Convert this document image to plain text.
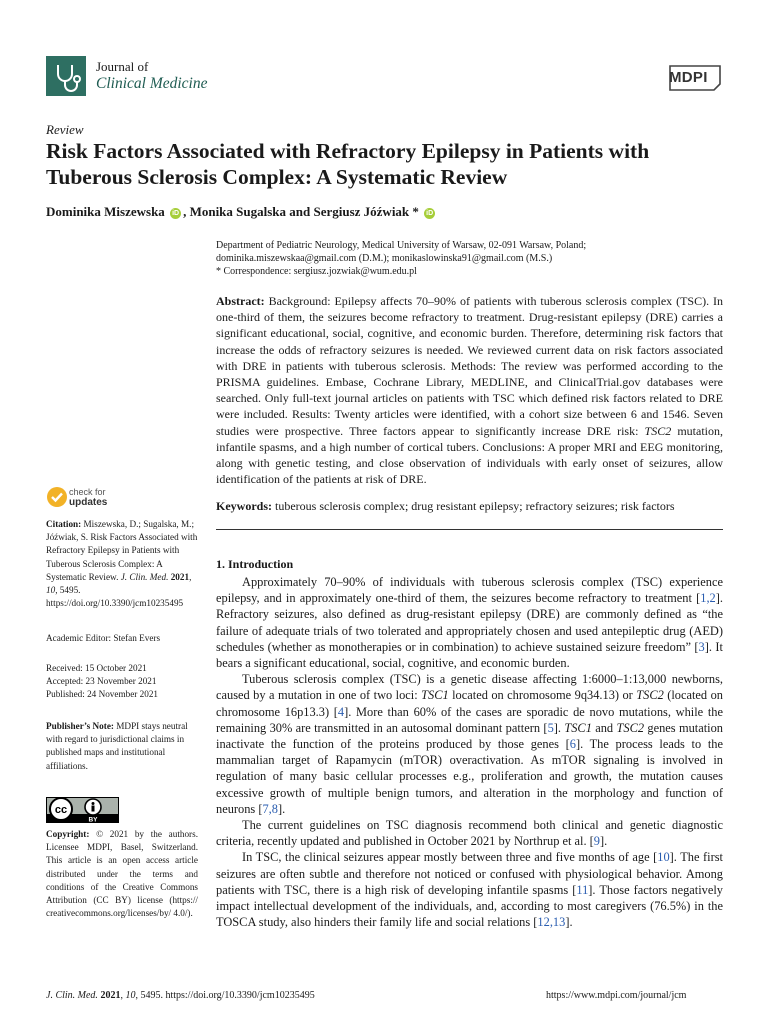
Journal of
Clinical Medicine	MDPI
Review
Risk Factors Associated with Refractory Epilepsy in Patients with Tuberous Sclerosis Complex: A Systematic Review
Dominika Miszewska iD , Monika Sugalska and Sergiusz Jóźwiak * iD
Department of Pediatric Neurology, Medical University of Warsaw, 02-091 Warsaw, Poland;
dominika.miszewskaa@gmail.com (D.M.); monikaslowinska91@gmail.com (M.S.)
* Correspondence: sergiusz.jozwiak@wum.edu.pl
Abstract: Background: Epilepsy affects 70–90% of patients with tuberous sclerosis complex (TSC). In one-third of them, the seizures become refractory to treatment. Drug-resistant epilepsy (DRE) carries a significant educational, social, cognitive, and economic burden. Therefore, determining risk factors that increase the odds of refractory seizures is needed. We reviewed current data on risk factors associated with DRE in patients with tuberous sclerosis. Methods: The review was performed according to the PRISMA guidelines. Embase, Cochrane Library, MEDLINE, and ClinicalTrial.gov databases were searched. Only full-text journal articles on patients with TSC which defined risk factors related to DRE were included. Results: Twenty articles were identified, with a cohort size between 6 and 1546. Seven studies were prospective. Three factors appear to significantly increase DRE risk: TSC2 mutation, infantile spasms, and a high number of cortical tubers. Conclusions: A proper MRI and EEG monitoring, along with genetic testing, and close observation of individuals with early onset of seizures, allow identification of the patients at risk of DRE.
Keywords: tuberous sclerosis complex; drug resistant epilepsy; refractory seizures; risk factors
check for
updates
Citation: Miszewska, D.; Sugalska, M.; Jóźwiak, S. Risk Factors Associated with Refractory Epilepsy in Patients with Tuberous Sclerosis Complex: A Systematic Review. J. Clin. Med. 2021, 10, 5495. https://doi.org/10.3390/jcm10235495
Academic Editor: Stefan Evers
Received: 15 October 2021
Accepted: 23 November 2021
Published: 24 November 2021
Publisher’s Note: MDPI stays neutral with regard to jurisdictional claims in published maps and institutional affiliations.
cc
BY
Copyright: © 2021 by the authors. Licensee MDPI, Basel, Switzerland. This article is an open access article distributed under the terms and conditions of the Creative Commons Attribution (CC BY) license (https:// creativecommons.org/licenses/by/ 4.0/).
1. Introduction

Approximately 70–90% of individuals with tuberous sclerosis complex (TSC) experience epilepsy, and in approximately one-third of them, the seizures become refractory to treatment [1,2]. Refractory seizures, also defined as drug-resistant epilepsy (DRE) are commonly defined as “the failure of adequate trials of two tolerated and appropriately chosen and used antepileptic drug (AED) schedules (whether as monotherapies or in combination) to achieve sustained seizure freedom” [3]. It bears a significant educational, social, cognitive, and economic burden.

Tuberous sclerosis complex (TSC) is a genetic disease affecting 1:6000–1:13,000 newborns, caused by a mutation in one of two loci: TSC1 located on chromosome 9q34.13) or TSC2 (located on chromosome 16p13.3) [4]. More than 60% of the cases are sporadic de novo mutations, while the remaining 30% are transmitted in an autosomal dominant pattern [5]. TSC1 and TSC2 genes mutation inactivate the function of the proteins produced by those genes [6]. The process leads to the mammalian target of Rapamycin (mTOR) overactivation. As mTOR signaling is involved in regulation of many basic cellular processes e.g., proliferation and growth, the mutation causes excessive growth of multiple benign tumors, and alteration in the morphology and function of neurons [7,8].

The current guidelines on TSC diagnosis recommend both clinical and genetic diagnostic criteria, recently updated and published in October 2021 by Northrup et al. [9].

In TSC, the clinical seizures appear mostly between three and five months of age [10]. The first seizures are often subtle and therefore not noticed or confused with physiological behavior. Among patients with TSC, there is a high risk of developing infantile spasms [11]. Those factors negatively impact intellectual development of the individuals, and, according to most caregivers (76.5%) in the TOSCA study, also hinders their family life and social relations [12,13].

J. Clin. Med. 2021, 10, 5495. https://doi.org/10.3390/jcm10235495	https://www.mdpi.com/journal/jcm
